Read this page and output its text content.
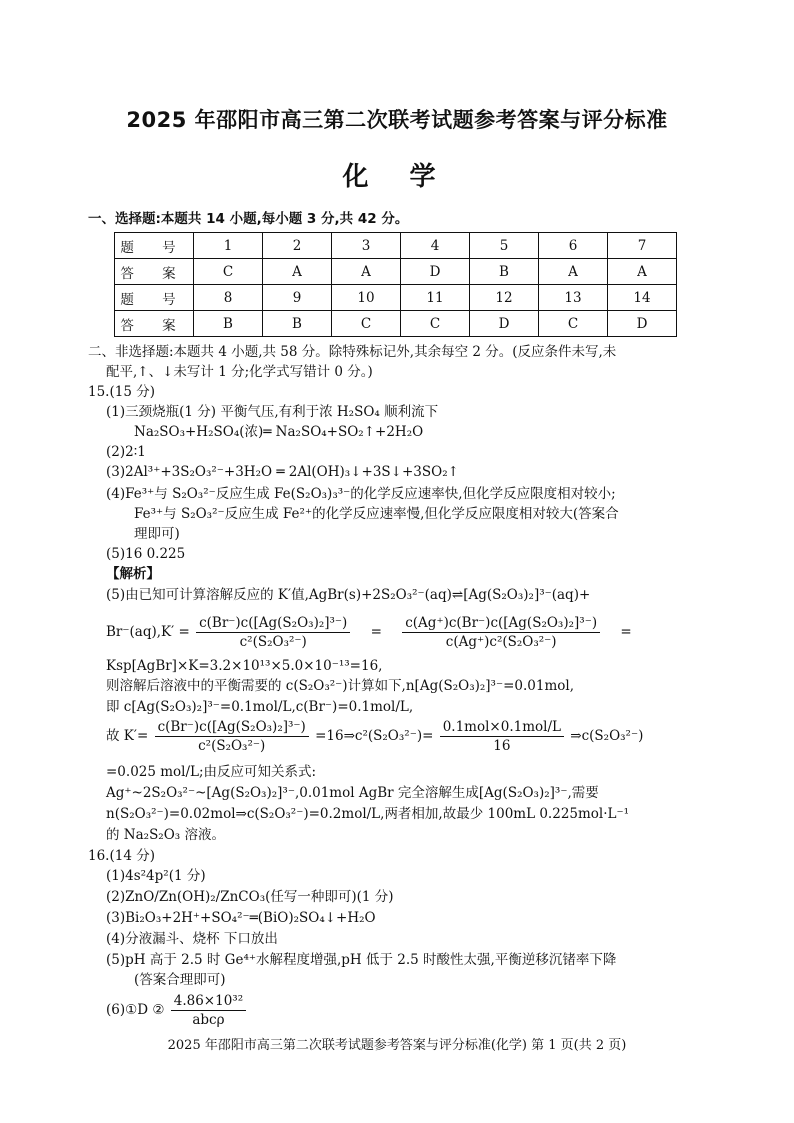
2025 年邵阳市高三第二次联考试题参考答案与评分标准
化 学
一、选择题:本题共 14 小题,每小题 3 分,共 42 分。
题 号	1	2	3	4	5	6	7
答 案	C	A	A	D	B	A	A
题 号	8	9	10	11	12	13	14
答 案	B	B	C	C	D	C	D
二、非选择题:本题共 4 小题,共 58 分。除特殊标记外,其余每空 2 分。(反应条件未写,未
配平,↑、↓未写计 1 分;化学式写错计 0 分。)
15.(15 分)
(1)三颈烧瓶(1 分) 平衡气压,有利于浓 H₂SO₄ 顺利流下
Na₂SO₃+H₂SO₄(浓)═ Na₂SO₄+SO₂↑+2H₂O
(2)2∶1
(3)2Al³⁺+3S₂O₃²⁻+3H₂O ═ 2Al(OH)₃↓+3S↓+3SO₂↑
(4)Fe³⁺与 S₂O₃²⁻反应生成 Fe(S₂O₃)₃³⁻的化学反应速率快,但化学反应限度相对较小;
Fe³⁺与 S₂O₃²⁻反应生成 Fe²⁺的化学反应速率慢,但化学反应限度相对较大(答案合
理即可)
(5)16 0.225
【解析】
(5)由已知可计算溶解反应的 K′值,AgBr(s)+2S₂O₃²⁻(aq)⇌[Ag(S₂O₃)₂]³⁻(aq)+
$Br^-(aq),K' = \frac{\text{c(Br⁻)c([Ag(S₂O₃)₂]³⁻)}}{\text{c²(S₂O₃²⁻)}} = \frac{\text{c(Ag⁺)c(Br⁻)c([Ag(S₂O₃)₂]³⁻)}}{\text{c(Ag⁺)c²(S₂O₃²⁻)}}$ =
Ksp[AgBr]×K=3.2×10¹³×5.0×10⁻¹³=16,
则溶解后溶液中的平衡需要的 c(S₂O₃²⁻)计算如下,n[Ag(S₂O₃)₂]³⁻=0.01mol,
即 c[Ag(S₂O₃)₂]³⁻=0.1mol/L,c(Br⁻)=0.1mol/L,
故 $K'= \frac{\text{c(Br⁻)c([Ag(S₂O₃)₂]³⁻)}}{\text{c²(S₂O₃²⁻)}}$ =16⇒c²(S₂O₃²⁻)= $\frac{\text{0.1mol×0.1mol/L}}{16}$ ⇒c(S₂O₃²⁻)
=0.025 mol/L;由反应可知关系式:
Ag⁺~2S₂O₃²⁻~[Ag(S₂O₃)₂]³⁻,0.01mol AgBr 完全溶解生成[Ag(S₂O₃)₂]³⁻,需要
n(S₂O₃²⁻)=0.02mol⇒c(S₂O₃²⁻)=0.2mol/L,两者相加,故最少 100mL 0.225mol·L⁻¹
的 Na₂S₂O₃ 溶液。
16.(14 分)
(1)4s²4p²(1 分)
(2)ZnO/Zn(OH)₂/ZnCO₃(任写一种即可)(1 分)
(3)Bi₂O₃+2H⁺+SO₄²⁻═(BiO)₂SO₄↓+H₂O
(4)分液漏斗、烧杯 下口放出
(5)pH 高于 2.5 时 Ge⁴⁺水解程度增强,pH 低于 2.5 时酸性太强,平衡逆移沉锗率下降
(答案合理即可)
(6)①D ② $\frac{\text{4.86×10³²}}{\text{abcρ}}$
2025 年邵阳市高三第二次联考试题参考答案与评分标准(化学) 第 1 页(共 2 页)
